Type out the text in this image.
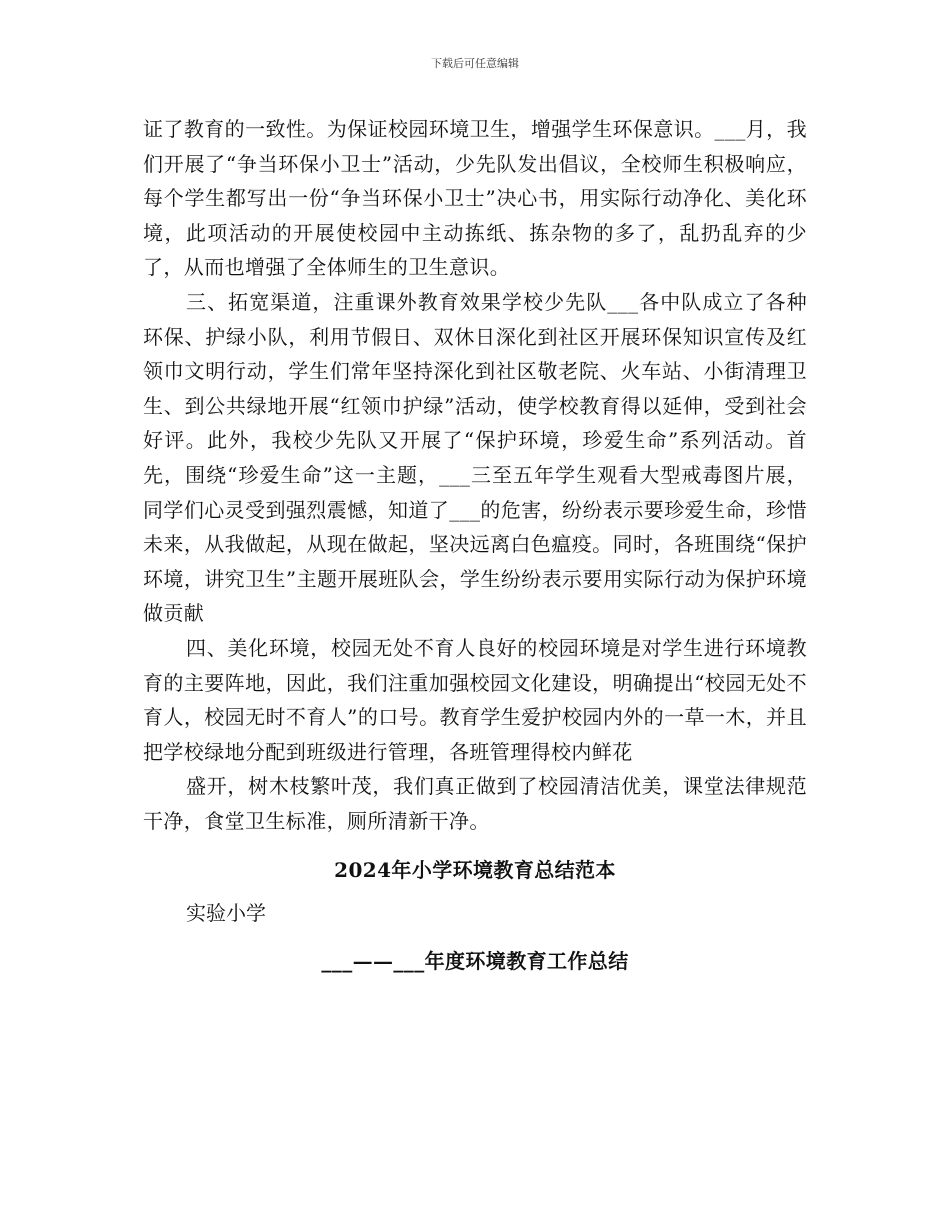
下载后可任意编辑

证了教育的一致性。为保证校园环境卫生，增强学生环保意识。___月，我们开展了“争当环保小卫士”活动，少先队发出倡议，全校师生积极响应，每个学生都写出一份“争当环保小卫士”决心书，用实际行动净化、美化环境，此项活动的开展使校园中主动拣纸、拣杂物的多了，乱扔乱弃的少了，从而也增强了全体师生的卫生意识。

三、拓宽渠道，注重课外教育效果学校少先队___各中队成立了各种环保、护绿小队，利用节假日、双休日深化到社区开展环保知识宣传及红领巾文明行动，学生们常年坚持深化到社区敬老院、火车站、小街清理卫生、到公共绿地开展“红领巾护绿”活动，使学校教育得以延伸，受到社会好评。此外，我校少先队又开展了“保护环境，珍爱生命”系列活动。首先，围绕“珍爱生命”这一主题，___三至五年学生观看大型戒毒图片展，同学们心灵受到强烈震憾，知道了___的危害，纷纷表示要珍爱生命，珍惜未来，从我做起，从现在做起，坚决远离白色瘟疫。同时，各班围绕“保护环境，讲究卫生”主题开展班队会，学生纷纷表示要用实际行动为保护环境做贡献

四、美化环境，校园无处不育人良好的校园环境是对学生进行环境教育的主要阵地，因此，我们注重加强校园文化建设，明确提出“校园无处不育人，校园无时不育人”的口号。教育学生爱护校园内外的一草一木，并且把学校绿地分配到班级进行管理，各班管理得校内鲜花

盛开，树木枝繁叶茂，我们真正做到了校园清洁优美，课堂法律规范干净，食堂卫生标准，厕所清新干净。

2024年小学环境教育总结范本

实验小学

___——___年度环境教育工作总结
